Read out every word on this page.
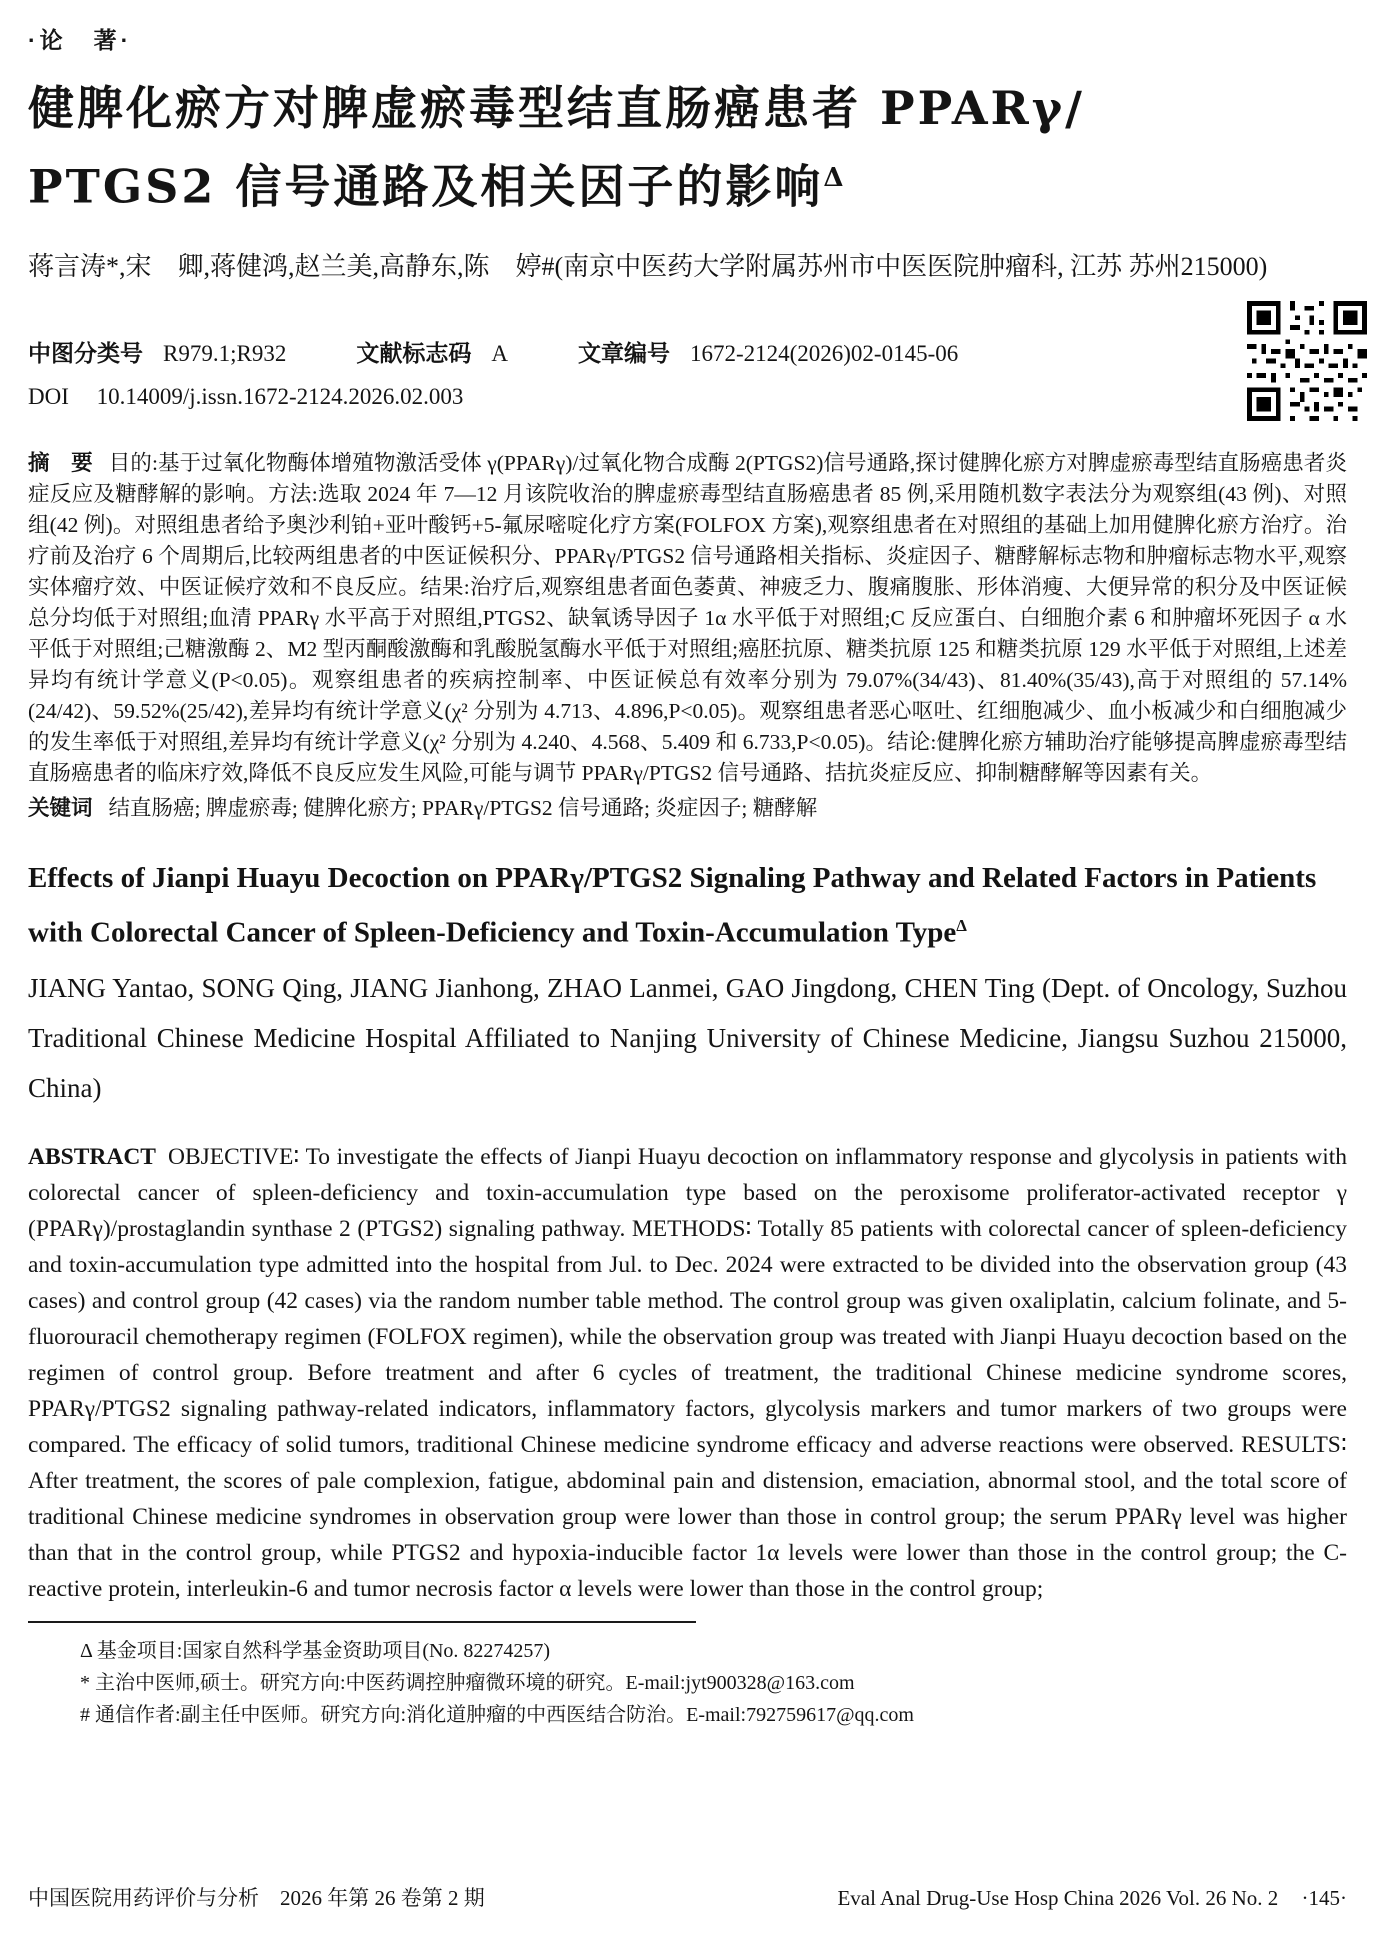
·论　著·
健脾化瘀方对脾虚瘀毒型结直肠癌患者 PPARγ/
PTGS2 信号通路及相关因子的影响$^\Delta$
蒋言涛*,宋　卿,蒋健鸿,赵兰美,高静东,陈　婷#(南京中医药大学附属苏州市中医医院肿瘤科, 江苏 苏州215000)
中图分类号 R979.1;R932	文献标志码 A	文章编号 1672-2124(2026)02-0145-06
DOI 10.14009/j.issn.1672-2124.2026.02.003
摘　要 目的:基于过氧化物酶体增殖物激活受体 γ(PPARγ)/过氧化物合成酶 2(PTGS2)信号通路,探讨健脾化瘀方对脾虚瘀毒型结直肠癌患者炎症反应及糖酵解的影响。方法:选取 2024 年 7—12 月该院收治的脾虚瘀毒型结直肠癌患者 85 例,采用随机数字表法分为观察组(43 例)、对照组(42 例)。对照组患者给予奥沙利铂+亚叶酸钙+5-氟尿嘧啶化疗方案(FOLFOX 方案),观察组患者在对照组的基础上加用健脾化瘀方治疗。治疗前及治疗 6 个周期后,比较两组患者的中医证候积分、PPARγ/PTGS2 信号通路相关指标、炎症因子、糖酵解标志物和肿瘤标志物水平,观察实体瘤疗效、中医证候疗效和不良反应。结果:治疗后,观察组患者面色萎黄、神疲乏力、腹痛腹胀、形体消瘦、大便异常的积分及中医证候总分均低于对照组;血清 PPARγ 水平高于对照组,PTGS2、缺氧诱导因子 1α 水平低于对照组;C 反应蛋白、白细胞介素 6 和肿瘤坏死因子 α 水平低于对照组;己糖激酶 2、M2 型丙酮酸激酶和乳酸脱氢酶水平低于对照组;癌胚抗原、糖类抗原 125 和糖类抗原 129 水平低于对照组,上述差异均有统计学意义(P<0.05)。观察组患者的疾病控制率、中医证候总有效率分别为 79.07%(34/43)、81.40%(35/43),高于对照组的 57.14%(24/42)、59.52%(25/42),差异均有统计学意义(χ² 分别为 4.713、4.896,P<0.05)。观察组患者恶心呕吐、红细胞减少、血小板减少和白细胞减少的发生率低于对照组,差异均有统计学意义(χ² 分别为 4.240、4.568、5.409 和 6.733,P<0.05)。结论:健脾化瘀方辅助治疗能够提高脾虚瘀毒型结直肠癌患者的临床疗效,降低不良反应发生风险,可能与调节 PPARγ/PTGS2 信号通路、拮抗炎症反应、抑制糖酵解等因素有关。
关键词 结直肠癌; 脾虚瘀毒; 健脾化瘀方; PPARγ/PTGS2 信号通路; 炎症因子; 糖酵解
Effects of Jianpi Huayu Decoction on PPARγ/PTGS2 Signaling Pathway and Related Factors in Patients with Colorectal Cancer of Spleen-Deficiency and Toxin-Accumulation Type$^\Delta$
JIANG Yantao, SONG Qing, JIANG Jianhong, ZHAO Lanmei, GAO Jingdong, CHEN Ting (Dept. of Oncology, Suzhou Traditional Chinese Medicine Hospital Affiliated to Nanjing University of Chinese Medicine, Jiangsu Suzhou 215000, China)
ABSTRACT OBJECTIVE∶ To investigate the effects of Jianpi Huayu decoction on inflammatory response and glycolysis in patients with colorectal cancer of spleen-deficiency and toxin-accumulation type based on the peroxisome proliferator-activated receptor γ (PPARγ)/prostaglandin synthase 2 (PTGS2) signaling pathway. METHODS∶ Totally 85 patients with colorectal cancer of spleen-deficiency and toxin-accumulation type admitted into the hospital from Jul. to Dec. 2024 were extracted to be divided into the observation group (43 cases) and control group (42 cases) via the random number table method. The control group was given oxaliplatin, calcium folinate, and 5-fluorouracil chemotherapy regimen (FOLFOX regimen), while the observation group was treated with Jianpi Huayu decoction based on the regimen of control group. Before treatment and after 6 cycles of treatment, the traditional Chinese medicine syndrome scores, PPARγ/PTGS2 signaling pathway-related indicators, inflammatory factors, glycolysis markers and tumor markers of two groups were compared. The efficacy of solid tumors, traditional Chinese medicine syndrome efficacy and adverse reactions were observed. RESULTS∶ After treatment, the scores of pale complexion, fatigue, abdominal pain and distension, emaciation, abnormal stool, and the total score of traditional Chinese medicine syndromes in observation group were lower than those in control group; the serum PPARγ level was higher than that in the control group, while PTGS2 and hypoxia-inducible factor 1α levels were lower than those in the control group; the C-reactive protein, interleukin-6 and tumor necrosis factor α levels were lower than those in the control group;
Δ 基金项目:国家自然科学基金资助项目(No. 82274257)
* 主治中医师,硕士。研究方向:中医药调控肿瘤微环境的研究。E-mail:jyt900328@163.com
# 通信作者:副主任中医师。研究方向:消化道肿瘤的中西医结合防治。E-mail:792759617@qq.com
中国医院用药评价与分析　2026 年第 26 卷第 2 期	Eval Anal Drug-Use Hosp China 2026 Vol. 26 No. 2 ·145·
